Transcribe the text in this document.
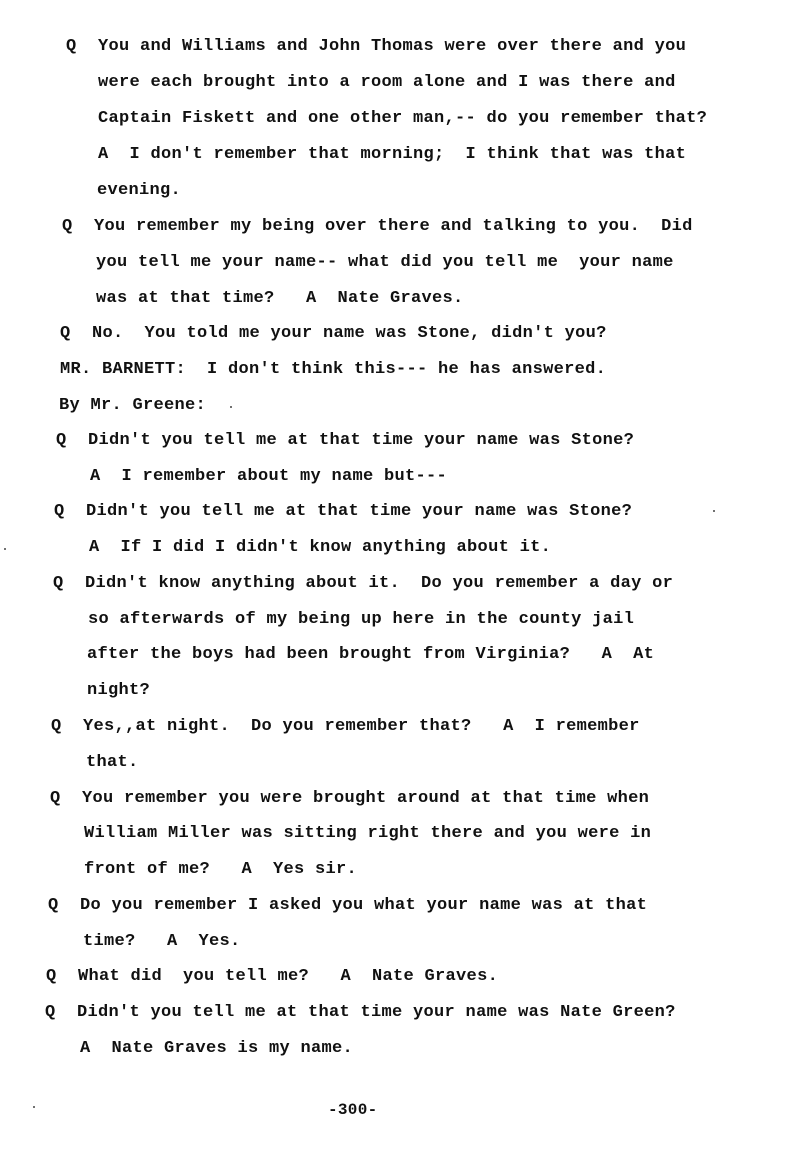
Q You and Williams and John Thomas were over there and you
were each brought into a room alone and I was there and
Captain Fiskett and one other man,-- do you remember that?
A  I don't remember that morning;  I think that was that
evening.
Q You remember my being over there and talking to you.  Did
you tell me your name-- what did you tell me  your name
was at that time?   A  Nate Graves.
Q No.  You told me your name was Stone, didn't you?
MR. BARNETT:  I don't think this--- he has answered.
By Mr. Greene:
Q Didn't you tell me at that time your name was Stone?
A  I remember about my name but---
Q Didn't you tell me at that time your name was Stone?
A  If I did I didn't know anything about it.
Q Didn't know anything about it.  Do you remember a day or
so afterwards of my being up here in the county jail
after the boys had been brought from Virginia?   A  At
night?
Q Yes,,at night.  Do you remember that?   A  I remember
that.
Q You remember you were brought around at that time when
William Miller was sitting right there and you were in
front of me?   A  Yes sir.
Q Do you remember I asked you what your name was at that
time?   A  Yes.
Q What did  you tell me?   A  Nate Graves.
Q Didn't you tell me at that time your name was Nate Green?
A  Nate Graves is my name.
-300-
